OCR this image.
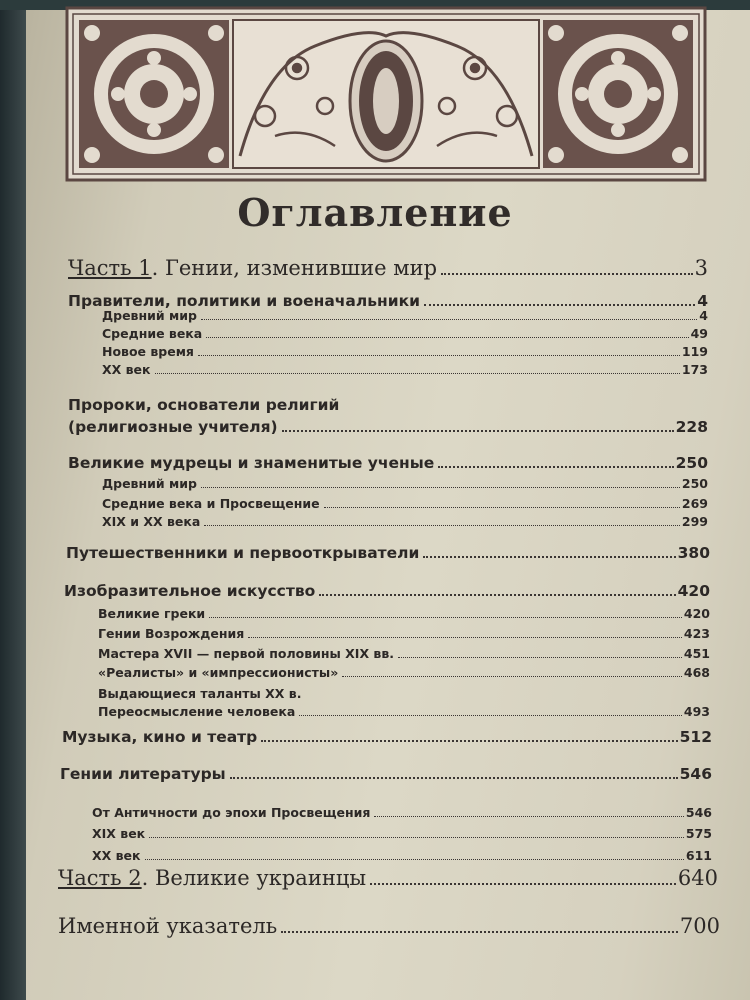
Оглавление
Часть 1. Гении, изменившие мир	3
Правители, политики и военачальники	4
Древний мир	4
Средние века	49
Новое время	119
XX век	173
Пророки, основатели религий
(религиозные учителя)	228
Великие мудрецы и знаменитые ученые	250
Древний мир	250
Средние века и Просвещение	269
XIX и XX века	299
Путешественники и первооткрыватели	380
Изобразительное искусство	420
Великие греки	420
Гении Возрождения	423
Мастера XVII — первой половины XIX вв.	451
«Реалисты» и «импрессионисты»	468
Выдающиеся таланты XX в.
Переосмысление человека	493
Музыка, кино и театр	512
Гении литературы	546
От Античности до эпохи Просвещения	546
XIX век	575
XX век	611
Часть 2. Великие украинцы	640
Именной указатель	700
